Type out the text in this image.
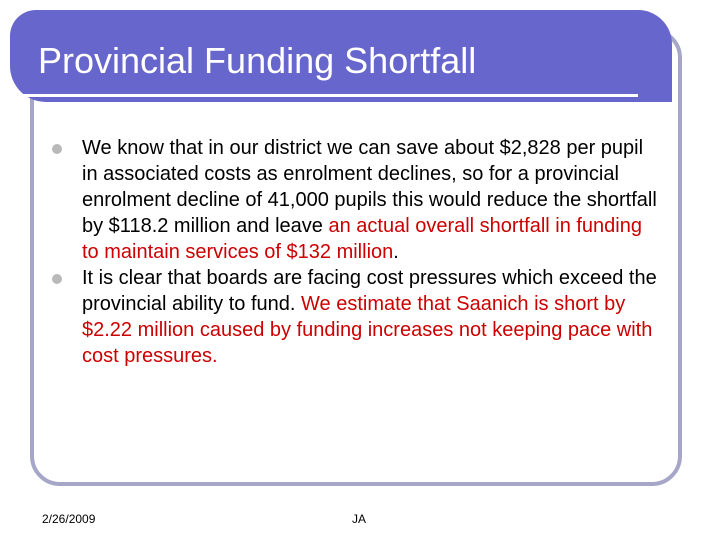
Provincial Funding Shortfall
We know that in our district we can save about $2,828 per pupil in associated costs as enrolment declines, so for a provincial enrolment decline of 41,000 pupils this would reduce the shortfall by $118.2 million and leave an actual overall shortfall in funding to maintain services of $132 million.
It is clear that boards are facing cost pressures which exceed the provincial ability to fund. We estimate that Saanich is short by $2.22 million caused by funding increases not keeping pace with cost pressures.
2/26/2009	JA
